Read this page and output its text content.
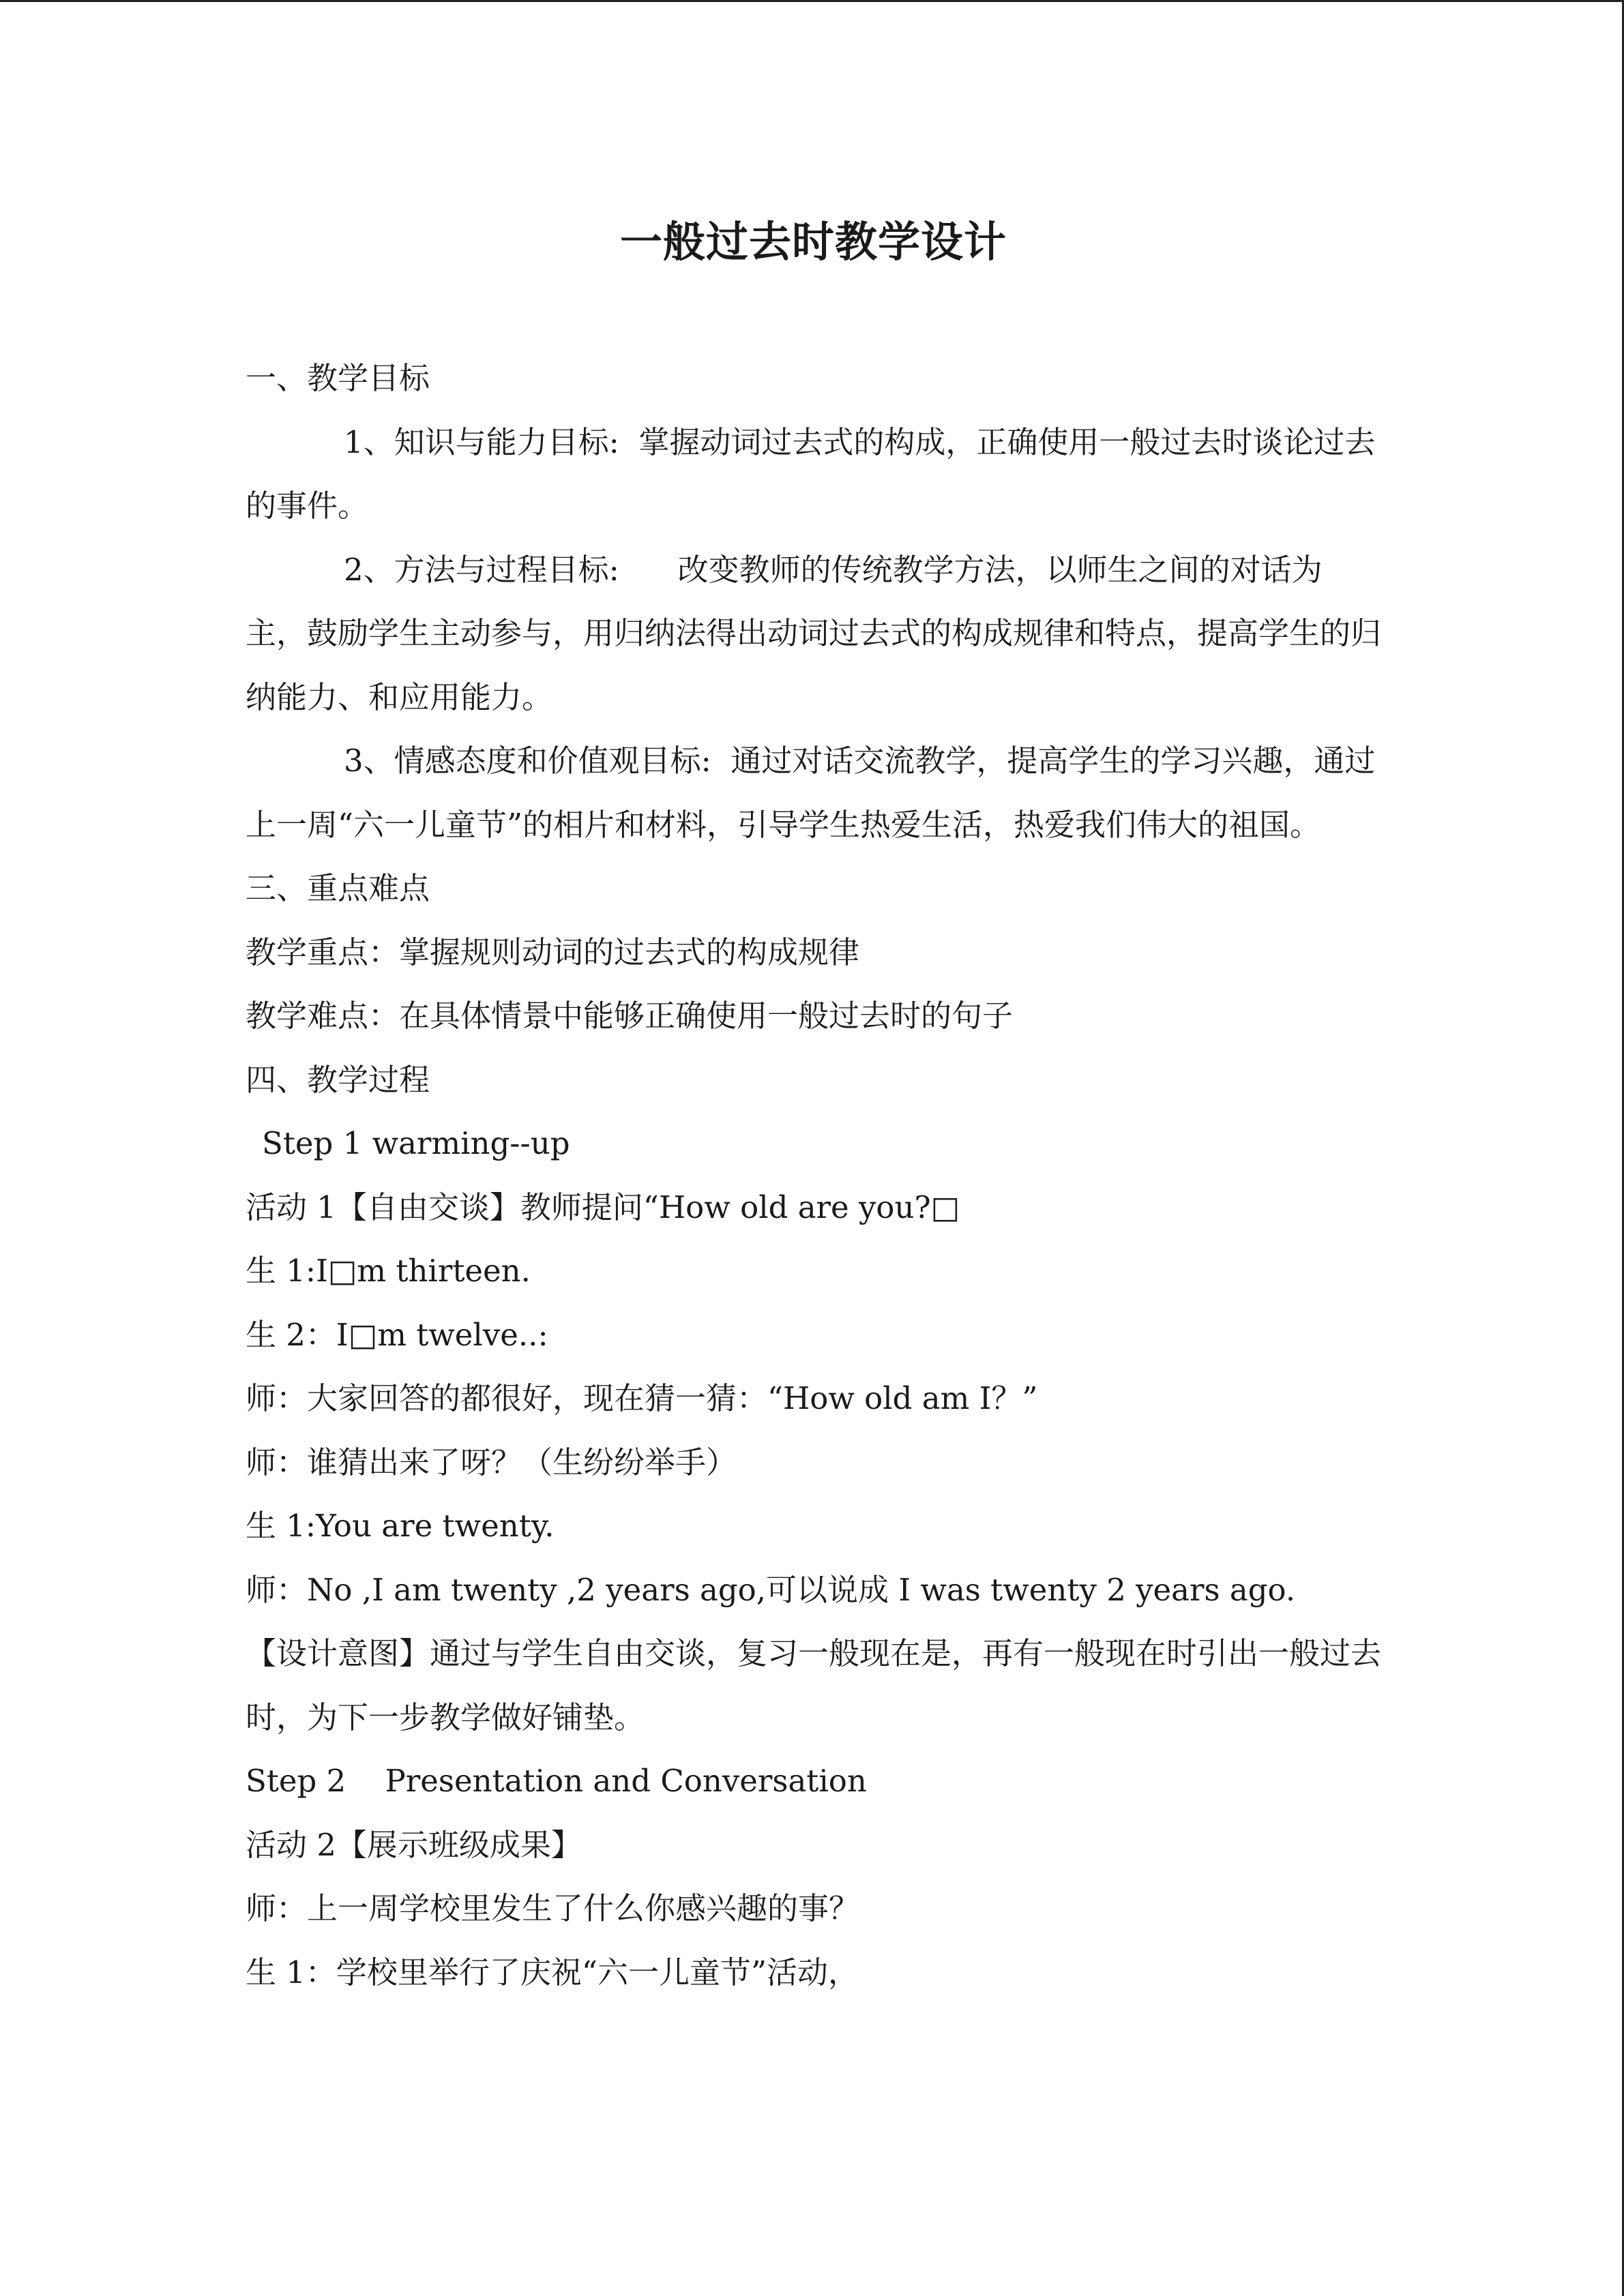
一般过去时教学设计

一、教学目标

1、知识与能力目标:  掌握动词过去式的构成，正确使用一般过去时谈论过去的事件。

2、方法与过程目标:      改变教师的传统教学方法，以师生之间的对话为主，鼓励学生主动参与，用归纳法得出动词过去式的构成规律和特点，提高学生的归纳能力、和应用能力。

3、情感态度和价值观目标:  通过对话交流教学，提高学生的学习兴趣，通过上一周“六一儿童节”的相片和材料，引导学生热爱生活，热爱我们伟大的祖国。

三、重点难点

教学重点：掌握规则动词的过去式的构成规律

教学难点：在具体情景中能够正确使用一般过去时的句子

四、教学过程

Step 1 warming--up

活动 1【自由交谈】教师提问“How old are you?□

生 1:I□m thirteen.

生 2：I□m twelve..:

师：大家回答的都很好，现在猜一猜：“How old am I？”

师：谁猜出来了呀？（生纷纷举手）

生 1:You are twenty.

师：No ,I am twenty ,2 years ago,可以说成 I was twenty 2 years ago.

【设计意图】通过与学生自由交谈，复习一般现在是，再有一般现在时引出一般过去时，为下一步教学做好铺垫。

Step 2    Presentation and Conversation

活动 2【展示班级成果】

师：上一周学校里发生了什么你感兴趣的事？

生 1：学校里举行了庆祝“六一儿童节”活动，
